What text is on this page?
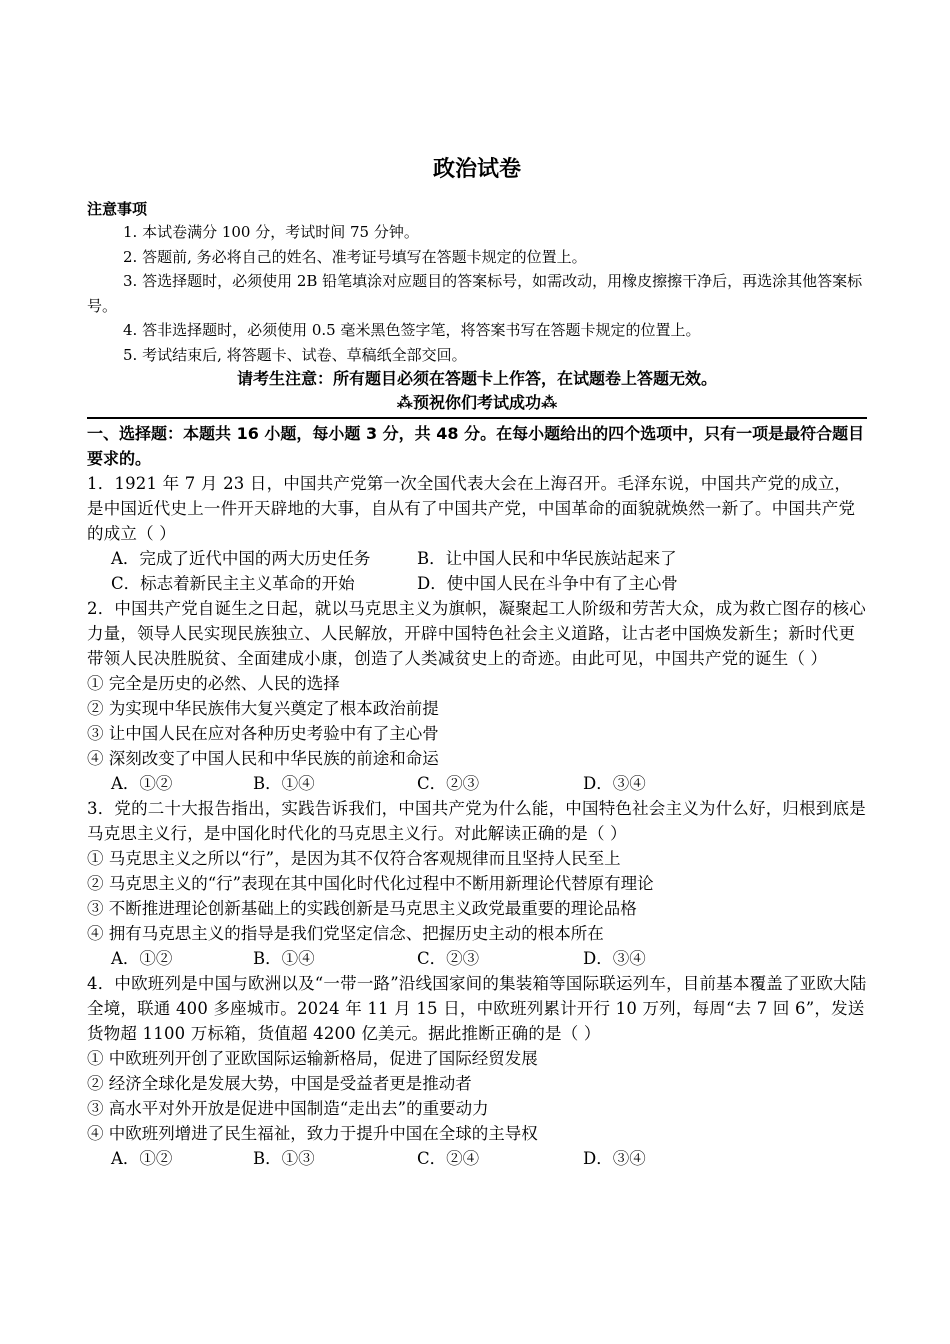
政治试卷
注意事项
1. 本试卷满分 100 分，考试时间 75 分钟。
2. 答题前, 务必将自己的姓名、准考证号填写在答题卡规定的位置上。
3. 答选择题时，必须使用 2B 铅笔填涂对应题目的答案标号，如需改动，用橡皮擦擦干净后，再选涂其他答案标号。
4. 答非选择题时，必须使用 0.5 毫米黑色签字笔，将答案书写在答题卡规定的位置上。
5. 考试结束后, 将答题卡、试卷、草稿纸全部交回。
请考生注意：所有题目必须在答题卡上作答，在试题卷上答题无效。
⁂预祝你们考试成功⁂
一、选择题：本题共 16 小题，每小题 3 分，共 48 分。在每小题给出的四个选项中，只有一项是最符合题目要求的。
1．1921 年 7 月 23 日，中国共产党第一次全国代表大会在上海召开。毛泽东说，中国共产党的成立，是中国近代史上一件开天辟地的大事，自从有了中国共产党，中国革命的面貌就焕然一新了。中国共产党的成立（ ）
A．完成了近代中国的两大历史任务	B．让中国人民和中华民族站起来了
C．标志着新民主主义革命的开始	D．使中国人民在斗争中有了主心骨
2．中国共产党自诞生之日起，就以马克思主义为旗帜，凝聚起工人阶级和劳苦大众，成为救亡图存的核心力量，领导人民实现民族独立、人民解放，开辟中国特色社会主义道路，让古老中国焕发新生；新时代更带领人民决胜脱贫、全面建成小康，创造了人类减贫史上的奇迹。由此可见，中国共产党的诞生（ ）
① 完全是历史的必然、人民的选择
② 为实现中华民族伟大复兴奠定了根本政治前提
③ 让中国人民在应对各种历史考验中有了主心骨
④ 深刻改变了中国人民和中华民族的前途和命运
A．①②	B．①④	C．②③	D．③④
3．党的二十大报告指出，实践告诉我们，中国共产党为什么能，中国特色社会主义为什么好，归根到底是马克思主义行，是中国化时代化的马克思主义行。对此解读正确的是（ ）
① 马克思主义之所以“行”，是因为其不仅符合客观规律而且坚持人民至上
② 马克思主义的“行”表现在其中国化时代化过程中不断用新理论代替原有理论
③ 不断推进理论创新基础上的实践创新是马克思主义政党最重要的理论品格
④ 拥有马克思主义的指导是我们党坚定信念、把握历史主动的根本所在
A．①②	B．①④	C．②③	D．③④
4．中欧班列是中国与欧洲以及“一带一路”沿线国家间的集装箱等国际联运列车，目前基本覆盖了亚欧大陆全境，联通 400 多座城市。2024 年 11 月 15 日，中欧班列累计开行 10 万列，每周“去 7 回 6”，发送货物超 1100 万标箱，货值超 4200 亿美元。据此推断正确的是（ ）
① 中欧班列开创了亚欧国际运输新格局，促进了国际经贸发展
② 经济全球化是发展大势，中国是受益者更是推动者
③ 高水平对外开放是促进中国制造“走出去”的重要动力
④ 中欧班列增进了民生福祉，致力于提升中国在全球的主导权
A．①②	B．①③	C．②④	D．③④
